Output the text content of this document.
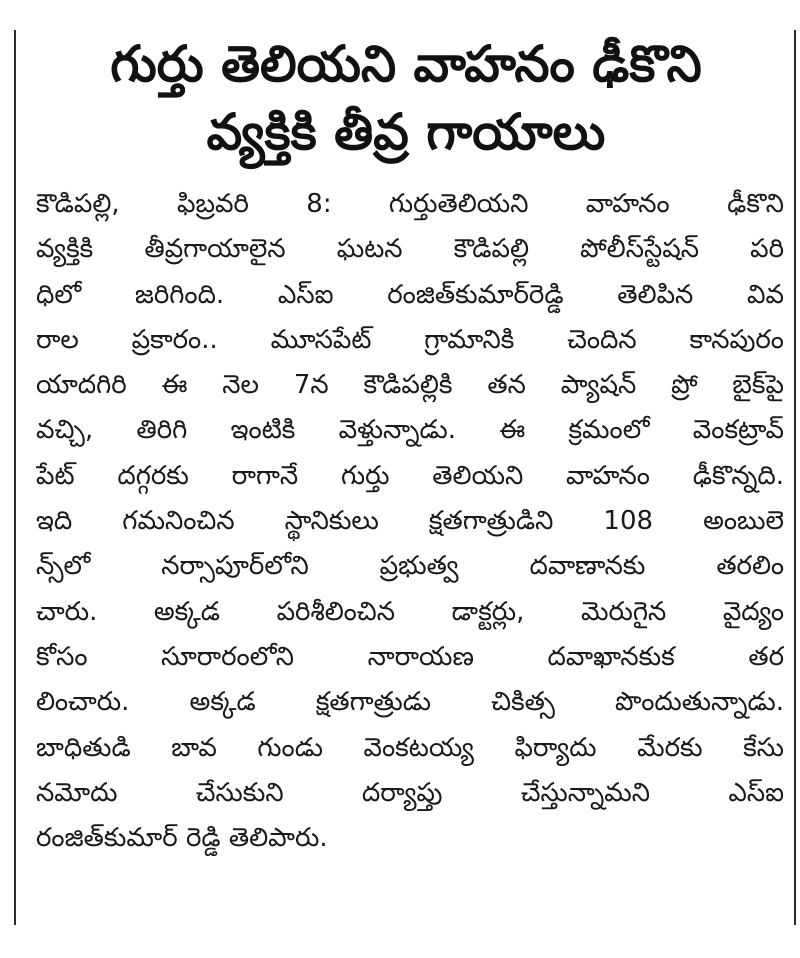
గుర్తు తెలియని వాహనం ఢీకొని
వ్యక్తికి తీవ్ర గాయాలు
కౌడిపల్లి, ఫిబ్రవరి 8: గుర్తుతెలియని వాహనం ఢీకొని
వ్యక్తికి తీవ్రగాయాలైన ఘటన కౌడిపల్లి పోలీస్‌స్టేషన్ పరి
ధిలో జరిగింది. ఎస్ఐ రంజిత్‌కుమార్‌రెడ్డి తెలిపిన వివ
రాల ప్రకారం.. మూసపేట్ గ్రామానికి చెందిన కానపురం
యాదగిరి ఈ నెల 7న కౌడిపల్లికి తన ప్యాషన్ ప్రో బైక్‌పై
వచ్చి, తిరిగి ఇంటికి వెళ్తున్నాడు. ఈ క్రమంలో వెంకట్రావ్
పేట్ దగ్గరకు రాగానే గుర్తు తెలియని వాహనం ఢీకొన్నది.
ఇది గమనించిన స్థానికులు క్షతగాత్రుడిని 108 అంబులె
న్స్‌లో నర్సాపూర్‌లోని ప్రభుత్వ దవాణానకు తరలిం
చారు. అక్కడ పరిశీలించిన డాక్టర్లు, మెరుగైన వైద్యం
కోసం సూరారంలోని నారాయణ దవాఖానకుక తర
లించారు. అక్కడ క్షతగాత్రుడు చికిత్స పొందుతున్నాడు.
బాధితుడి బావ గుండు వెంకటయ్య ఫిర్యాదు మేరకు కేసు
నమోదు చేసుకుని దర్యాప్తు చేస్తున్నామని ఎస్ఐ
రంజిత్‌కుమార్ రెడ్డి తెలిపారు.
